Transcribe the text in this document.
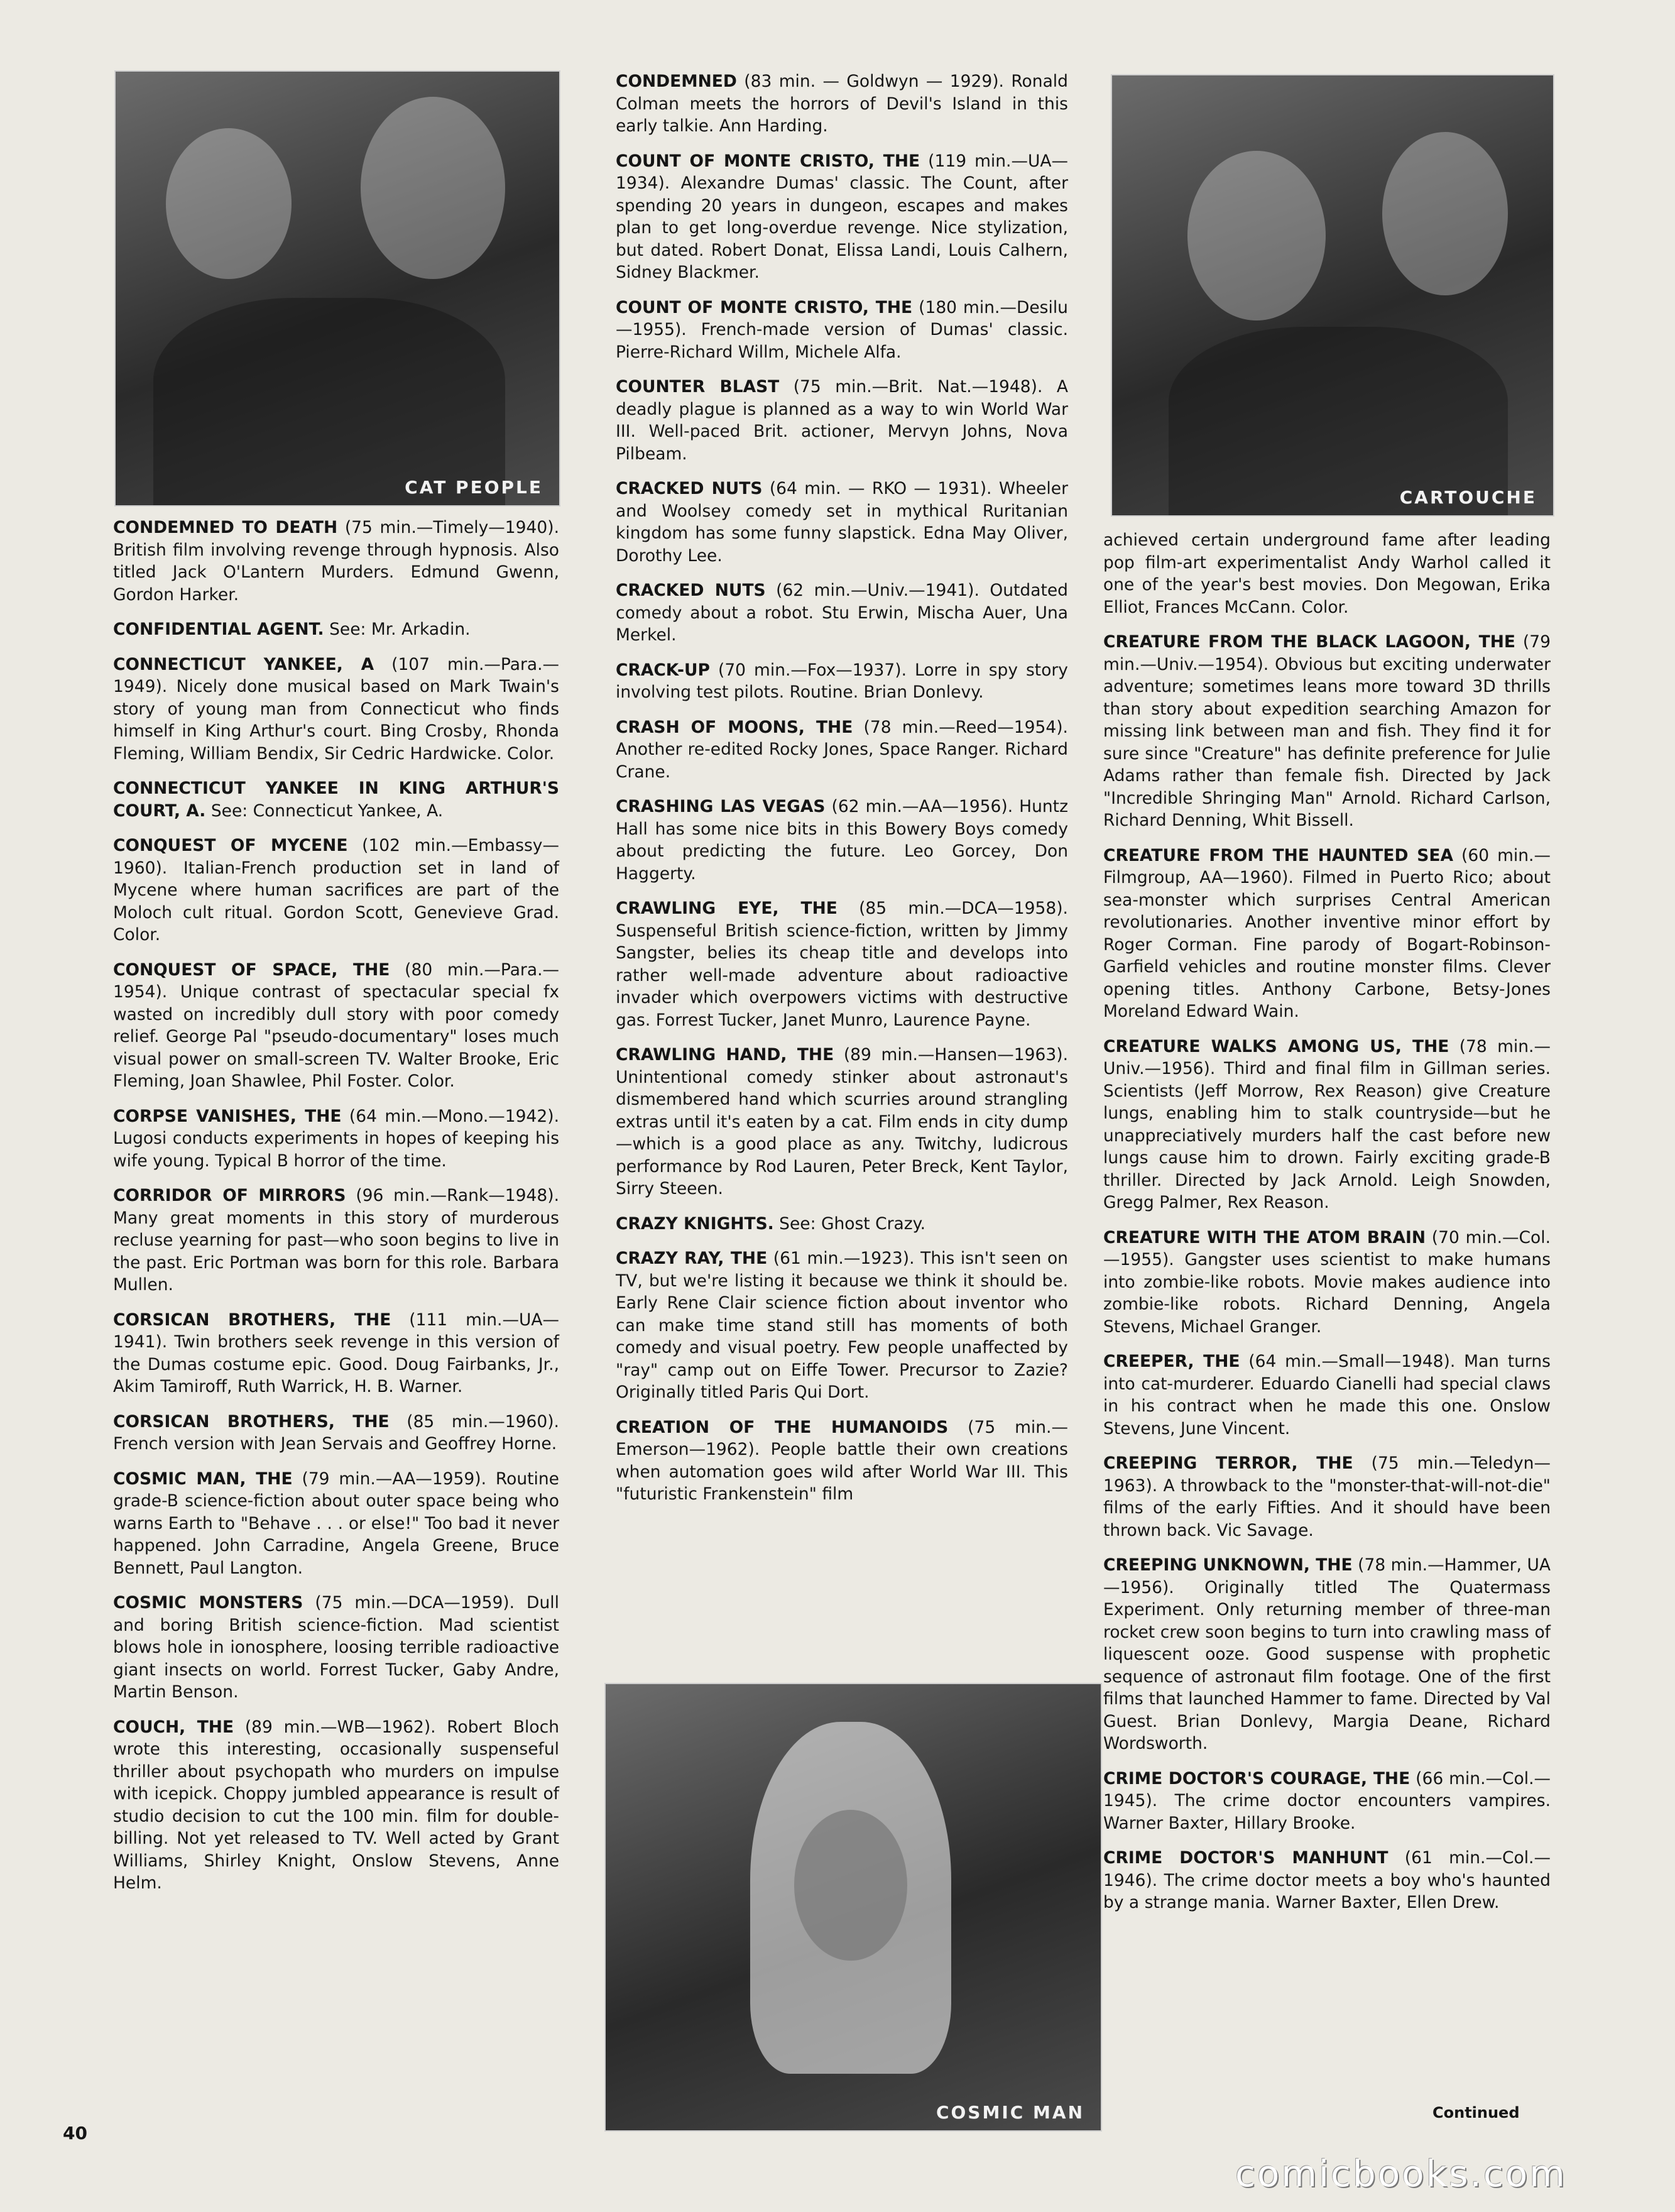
CAT PEOPLE	CARTOUCHE
COSMIC MAN

CONDEMNED TO DEATH (75 min.—Timely—1940). British film involving revenge through hypnosis. Also titled Jack O'Lantern Murders. Edmund Gwenn, Gordon Harker.

CONFIDENTIAL AGENT. See: Mr. Arkadin.

CONNECTICUT YANKEE, A (107 min.—Para.—1949). Nicely done musical based on Mark Twain's story of young man from Connecticut who finds himself in King Arthur's court. Bing Crosby, Rhonda Fleming, William Bendix, Sir Cedric Hardwicke. Color.

CONNECTICUT YANKEE IN KING ARTHUR'S COURT, A. See: Connecticut Yankee, A.

CONQUEST OF MYCENE (102 min.—Embassy—1960). Italian-French production set in land of Mycene where human sacrifices are part of the Moloch cult ritual. Gordon Scott, Genevieve Grad. Color.

CONQUEST OF SPACE, THE (80 min.—Para.—1954). Unique contrast of spectacular special fx wasted on incredibly dull story with poor comedy relief. George Pal "pseudo-documentary" loses much visual power on small-screen TV. Walter Brooke, Eric Fleming, Joan Shawlee, Phil Foster. Color.

CORPSE VANISHES, THE (64 min.—Mono.—1942). Lugosi conducts experiments in hopes of keeping his wife young. Typical B horror of the time.

CORRIDOR OF MIRRORS (96 min.—Rank—1948). Many great moments in this story of murderous recluse yearning for past—who soon begins to live in the past. Eric Portman was born for this role. Barbara Mullen.

CORSICAN BROTHERS, THE (111 min.—UA—1941). Twin brothers seek revenge in this version of the Dumas costume epic. Good. Doug Fairbanks, Jr., Akim Tamiroff, Ruth Warrick, H. B. Warner.

CORSICAN BROTHERS, THE (85 min.—1960). French version with Jean Servais and Geoffrey Horne.

COSMIC MAN, THE (79 min.—AA—1959). Routine grade-B science-fiction about outer space being who warns Earth to "Behave . . . or else!" Too bad it never happened. John Carradine, Angela Greene, Bruce Bennett, Paul Langton.

COSMIC MONSTERS (75 min.—DCA—1959). Dull and boring British science-fiction. Mad scientist blows hole in ionosphere, loosing terrible radioactive giant insects on world. Forrest Tucker, Gaby Andre, Martin Benson.

COUCH, THE (89 min.—WB—1962). Robert Bloch wrote this interesting, occasionally suspenseful thriller about psychopath who murders on impulse with icepick. Choppy jumbled appearance is result of studio decision to cut the 100 min. film for double-billing. Not yet released to TV. Well acted by Grant Williams, Shirley Knight, Onslow Stevens, Anne Helm.

CONDEMNED (83 min. — Goldwyn — 1929). Ronald Colman meets the horrors of Devil's Island in this early talkie. Ann Harding.

COUNT OF MONTE CRISTO, THE (119 min.—UA—1934). Alexandre Dumas' classic. The Count, after spending 20 years in dungeon, escapes and makes plan to get long-overdue revenge. Nice stylization, but dated. Robert Donat, Elissa Landi, Louis Calhern, Sidney Blackmer.

COUNT OF MONTE CRISTO, THE (180 min.—Desilu—1955). French-made version of Dumas' classic. Pierre-Richard Willm, Michele Alfa.

COUNTER BLAST (75 min.—Brit. Nat.—1948). A deadly plague is planned as a way to win World War III. Well-paced Brit. actioner, Mervyn Johns, Nova Pilbeam.

CRACKED NUTS (64 min. — RKO — 1931). Wheeler and Woolsey comedy set in mythical Ruritanian kingdom has some funny slapstick. Edna May Oliver, Dorothy Lee.

CRACKED NUTS (62 min.—Univ.—1941). Outdated comedy about a robot. Stu Erwin, Mischa Auer, Una Merkel.

CRACK-UP (70 min.—Fox—1937). Lorre in spy story involving test pilots. Routine. Brian Donlevy.

CRASH OF MOONS, THE (78 min.—Reed—1954). Another re-edited Rocky Jones, Space Ranger. Richard Crane.

CRASHING LAS VEGAS (62 min.—AA—1956). Huntz Hall has some nice bits in this Bowery Boys comedy about predicting the future. Leo Gorcey, Don Haggerty.

CRAWLING EYE, THE (85 min.—DCA—1958). Suspenseful British science-fiction, written by Jimmy Sangster, belies its cheap title and develops into rather well-made adventure about radioactive invader which overpowers victims with destructive gas. Forrest Tucker, Janet Munro, Laurence Payne.

CRAWLING HAND, THE (89 min.—Hansen—1963). Unintentional comedy stinker about astronaut's dismembered hand which scurries around strangling extras until it's eaten by a cat. Film ends in city dump—which is a good place as any. Twitchy, ludicrous performance by Rod Lauren, Peter Breck, Kent Taylor, Sirry Steeen.

CRAZY KNIGHTS. See: Ghost Crazy.

CRAZY RAY, THE (61 min.—1923). This isn't seen on TV, but we're listing it because we think it should be. Early Rene Clair science fiction about inventor who can make time stand still has moments of both comedy and visual poetry. Few people unaffected by "ray" camp out on Eiffe Tower. Precursor to Zazie? Originally titled Paris Qui Dort.

CREATION OF THE HUMANOIDS (75 min.—Emerson—1962). People battle their own creations when automation goes wild after World War III. This "futuristic Frankenstein" film

achieved certain underground fame after leading pop film-art experimentalist Andy Warhol called it one of the year's best movies. Don Megowan, Erika Elliot, Frances McCann. Color.

CREATURE FROM THE BLACK LAGOON, THE (79 min.—Univ.—1954). Obvious but exciting underwater adventure; sometimes leans more toward 3D thrills than story about expedition searching Amazon for missing link between man and fish. They find it for sure since "Creature" has definite preference for Julie Adams rather than female fish. Directed by Jack "Incredible Shringing Man" Arnold. Richard Carlson, Richard Denning, Whit Bissell.

CREATURE FROM THE HAUNTED SEA (60 min.—Filmgroup, AA—1960). Filmed in Puerto Rico; about sea-monster which surprises Central American revolutionaries. Another inventive minor effort by Roger Corman. Fine parody of Bogart-Robinson-Garfield vehicles and routine monster films. Clever opening titles. Anthony Carbone, Betsy-Jones Moreland Edward Wain.

CREATURE WALKS AMONG US, THE (78 min.—Univ.—1956). Third and final film in Gillman series. Scientists (Jeff Morrow, Rex Reason) give Creature lungs, enabling him to stalk countryside—but he unappreciatively murders half the cast before new lungs cause him to drown. Fairly exciting grade-B thriller. Directed by Jack Arnold. Leigh Snowden, Gregg Palmer, Rex Reason.

CREATURE WITH THE ATOM BRAIN (70 min.—Col.—1955). Gangster uses scientist to make humans into zombie-like robots. Movie makes audience into zombie-like robots. Richard Denning, Angela Stevens, Michael Granger.

CREEPER, THE (64 min.—Small—1948). Man turns into cat-murderer. Eduardo Cianelli had special claws in his contract when he made this one. Onslow Stevens, June Vincent.

CREEPING TERROR, THE (75 min.—Teledyn—1963). A throwback to the "monster-that-will-not-die" films of the early Fifties. And it should have been thrown back. Vic Savage.

CREEPING UNKNOWN, THE (78 min.—Hammer, UA—1956). Originally titled The Quatermass Experiment. Only returning member of three-man rocket crew soon begins to turn into crawling mass of liquescent ooze. Good suspense with prophetic sequence of astronaut film footage. One of the first films that launched Hammer to fame. Directed by Val Guest. Brian Donlevy, Margia Deane, Richard Wordsworth.

CRIME DOCTOR'S COURAGE, THE (66 min.—Col.—1945). The crime doctor encounters vampires. Warner Baxter, Hillary Brooke.

CRIME DOCTOR'S MANHUNT (61 min.—Col.—1946). The crime doctor meets a boy who's haunted by a strange mania. Warner Baxter, Ellen Drew.

40
Continued
comicbooks.com
